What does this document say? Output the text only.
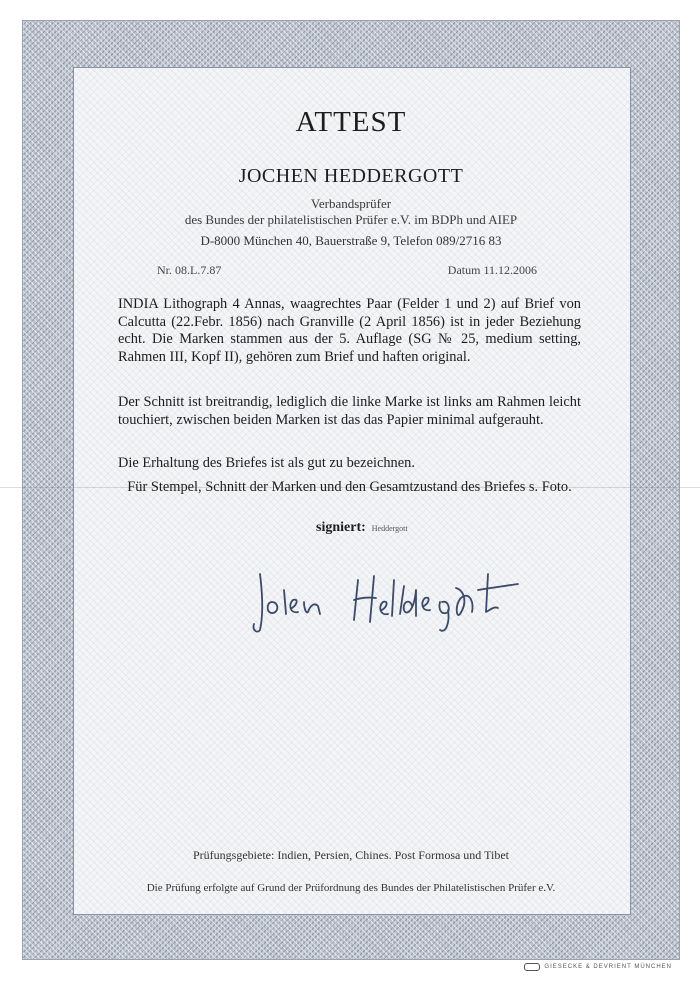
ATTEST
JOCHEN HEDDERGOTT
Verbandsprüfer
des Bundes der philatelistischen Prüfer e.V. im BDPh und AIEP
D-8000 München 40, Bauerstraße 9, Telefon 089/2716 83
Nr. 08.L.7.87	Datum 11.12.2006

INDIA Lithograph 4 Annas, waagrechtes Paar (Felder 1 und 2) auf Brief von Calcutta (22.Febr. 1856) nach Granville (2 April 1856) ist in jeder Beziehung echt. Die Marken stammen aus der 5. Auflage (SG № 25, medium setting, Rahmen III, Kopf II), gehören zum Brief und haften original.

Der Schnitt ist breitrandig, lediglich die linke Marke ist links am Rahmen leicht touchiert, zwischen beiden Marken ist das das Papier minimal aufgerauht.

Die Erhaltung des Briefes ist als gut zu bezeichnen.

Für Stempel, Schnitt der Marken und den Gesamtzustand des Briefes s. Foto.

signiert: Heddergott
Prüfungsgebiete: Indien, Persien, Chines. Post Formosa und Tibet
Die Prüfung erfolgte auf Grund der Prüfordnung des Bundes der Philatelistischen Prüfer e.V.
GIESECKE & DEVRIENT MÜNCHEN
